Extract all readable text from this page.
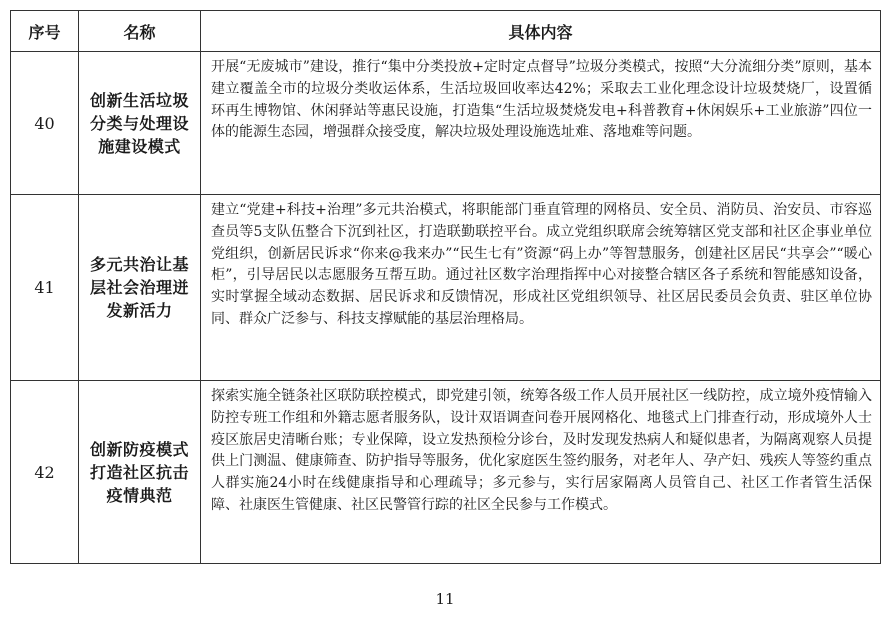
序号	名称	具体内容
40	创新生活垃圾分类与处理设施建设模式	开展“无废城市”建设，推行“集中分类投放+定时定点督导”垃圾分类模式，按照“大分流细分类”原则，基本建立覆盖全市的垃圾分类收运体系，生活垃圾回收率达42%；采取去工业化理念设计垃圾焚烧厂，设置循环再生博物馆、休闲驿站等惠民设施，打造集“生活垃圾焚烧发电+科普教育+休闲娱乐+工业旅游”四位一体的能源生态园，增强群众接受度，解决垃圾处理设施选址难、落地难等问题。
41	多元共治让基层社会治理迸发新活力	建立“党建+科技+治理”多元共治模式，将职能部门垂直管理的网格员、安全员、消防员、治安员、市容巡查员等5支队伍整合下沉到社区，打造联勤联控平台。成立党组织联席会统筹辖区党支部和社区企事业单位党组织，创新居民诉求“你来@我来办”“民生七有”资源“码上办”等智慧服务，创建社区居民“共享会”“暖心柜”，引导居民以志愿服务互帮互助。通过社区数字治理指挥中心对接整合辖区各子系统和智能感知设备，实时掌握全域动态数据、居民诉求和反馈情况，形成社区党组织领导、社区居民委员会负责、驻区单位协同、群众广泛参与、科技支撑赋能的基层治理格局。
42	创新防疫模式打造社区抗击疫情典范	探索实施全链条社区联防联控模式，即党建引领，统筹各级工作人员开展社区一线防控，成立境外疫情输入防控专班工作组和外籍志愿者服务队，设计双语调查问卷开展网格化、地毯式上门排查行动，形成境外人士疫区旅居史清晰台账；专业保障，设立发热预检分诊台，及时发现发热病人和疑似患者，为隔离观察人员提供上门测温、健康筛查、防护指导等服务，优化家庭医生签约服务，对老年人、孕产妇、残疾人等签约重点人群实施24小时在线健康指导和心理疏导；多元参与，实行居家隔离人员管自己、社区工作者管生活保障、社康医生管健康、社区民警管行踪的社区全民参与工作模式。
11
